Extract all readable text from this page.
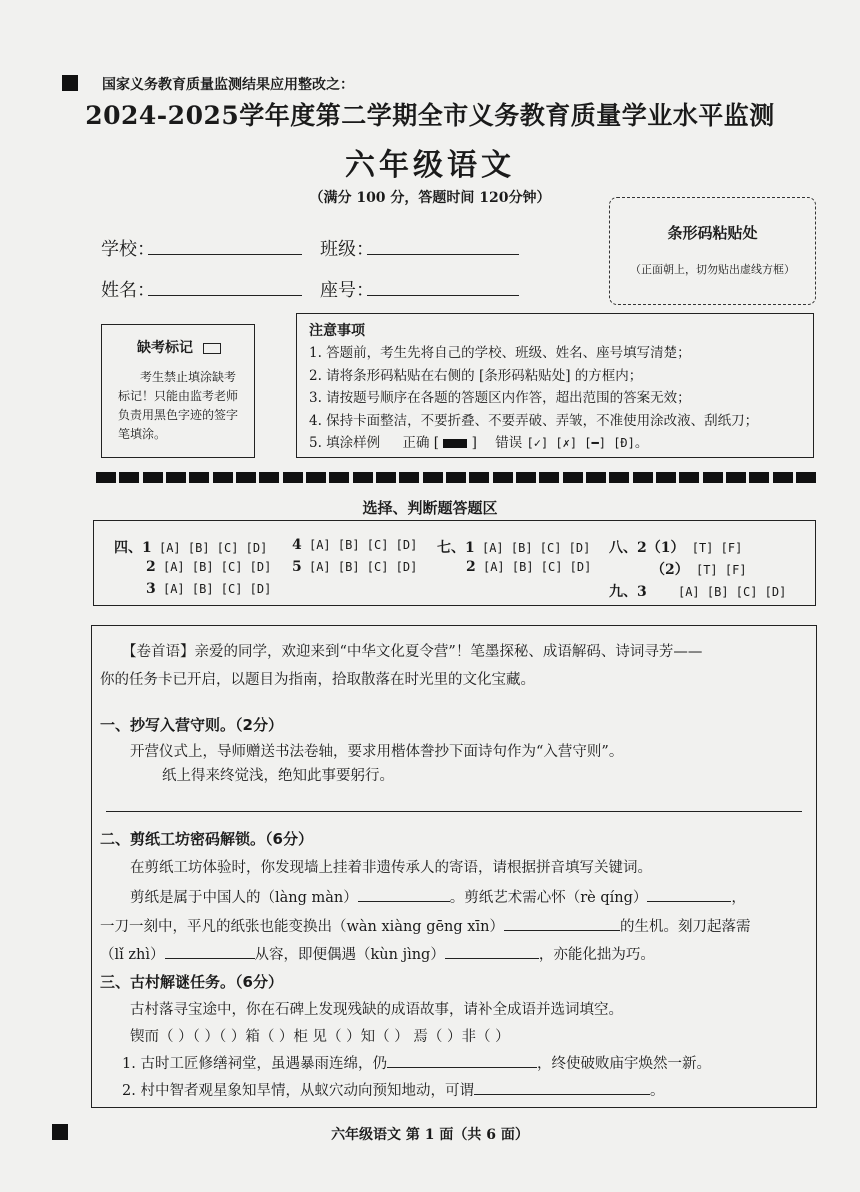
国家义务教育质量监测结果应用整改之：
2024-2025学年度第二学期全市义务教育质量学业水平监测
六年级语文
（满分 100 分，答题时间 120分钟）
学校：	班级：
姓名：	座号：
条形码粘贴处
（正面朝上，切勿贴出虚线方框）
缺考标记
考生禁止填涂缺考
标记！只能由监考老师
负责用黑色字迹的签字
笔填涂。
注意事项
1. 答题前，考生先将自己的学校、班级、姓名、座号填写清楚；
2. 请将条形码粘贴在右侧的 [条形码粘贴处] 的方框内；
3. 请按题号顺序在各题的答题区内作答，超出范围的答案无效；
4. 保持卡面整洁，不要折叠、不要弄破、弄皱，不准使用涂改液、刮纸刀；
5. 填涂样例 正确 [ ] 错误 [✓] [✗] [━] [Ð]。
选择、判断题答题区
四、1 [A] [B] [C] [D]
2 [A] [B] [C] [D]
3 [A] [B] [C] [D]
4 [A] [B] [C] [D]
5 [A] [B] [C] [D]
七、1 [A] [B] [C] [D]
2 [A] [B] [C] [D]
八、2（1） [T] [F]
（2） [T] [F]
九、3	[A] [B] [C] [D]
【卷首语】亲爱的同学，欢迎来到“中华文化夏令营”！笔墨探秘、成语解码、诗词寻芳——
你的任务卡已开启，以题目为指南，拾取散落在时光里的文化宝藏。
一、抄写入营守则。（2分）
开营仪式上，导师赠送书法卷轴，要求用楷体誊抄下面诗句作为“入营守则”。
纸上得来终觉浅，绝知此事要躬行。
二、剪纸工坊密码解锁。（6分）
在剪纸工坊体验时，你发现墙上挂着非遗传承人的寄语，请根据拼音填写关键词。
剪纸是属于中国人的（làng màn）	。剪纸艺术需心怀（rè qíng）	，
一刀一刻中，平凡的纸张也能变换出（wàn xiàng gēng xīn）	的生机。刻刀起落需
（lǐ zhì）	从容，即便偶遇（kùn jìng）	，亦能化拙为巧。
三、古村解谜任务。（6分）
古村落寻宝途中，你在石碑上发现残缺的成语故事，请补全成语并选词填空。
锲而（ ）（ ）（ ）箱（ ）柜 见（ ）知（ ） 焉（ ）非（ ）
1. 古时工匠修缮祠堂，虽遇暴雨连绵，仍	，终使破败庙宇焕然一新。
2. 村中智者观星象知旱情，从蚁穴动向预知地动，可谓	。
六年级语文 第 1 面（共 6 面）
